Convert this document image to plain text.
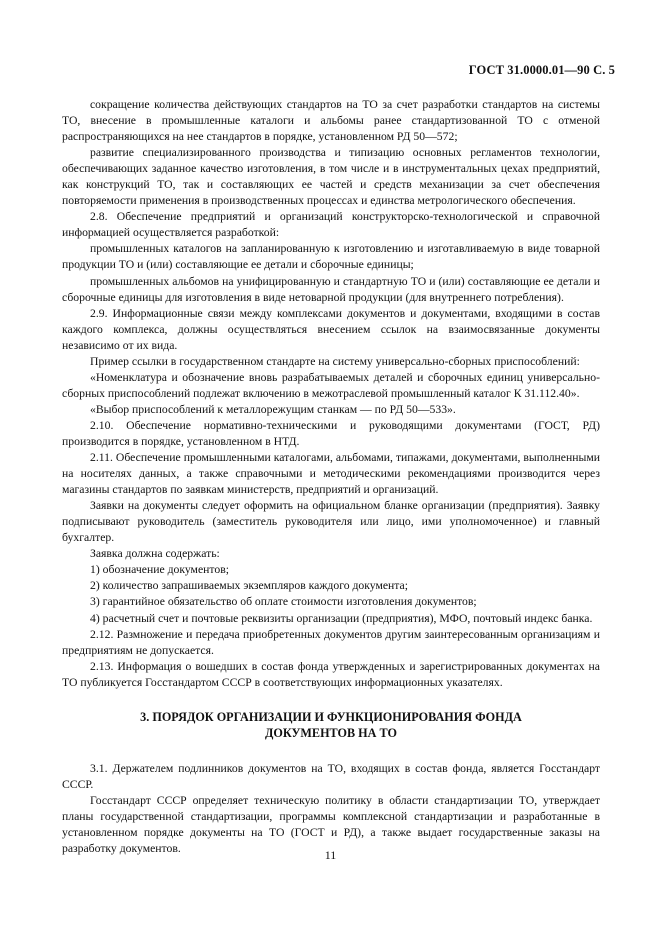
ГОСТ 31.0000.01—90 С. 5

сокращение количества действующих стандартов на ТО за счет разработки стандартов на системы ТО, внесение в промышленные каталоги и альбомы ранее стандартизованной ТО с отменой распространяющихся на нее стандартов в порядке, установленном РД 50—572;

развитие специализированного производства и типизацию основных регламентов технологии, обеспечивающих заданное качество изготовления, в том числе и в инструментальных цехах предприятий, как конструкций ТО, так и составляющих ее частей и средств механизации за счет обеспечения повторяемости применения в производственных процессах и единства метрологического обеспечения.

2.8. Обеспечение предприятий и организаций конструкторско-технологической и справочной информацией осуществляется разработкой:

промышленных каталогов на запланированную к изготовлению и изготавливаемую в виде товарной продукции ТО и (или) составляющие ее детали и сборочные единицы;

промышленных альбомов на унифицированную и стандартную ТО и (или) составляющие ее детали и сборочные единицы для изготовления в виде нетоварной продукции (для внутреннего потребления).

2.9. Информационные связи между комплексами документов и документами, входящими в состав каждого комплекса, должны осуществляться внесением ссылок на взаимосвязанные документы независимо от их вида.

Пример ссылки в государственном стандарте на систему универсально-сборных приспособлений:

«Номенклатура и обозначение вновь разрабатываемых деталей и сборочных единиц универсально-сборных приспособлений подлежат включению в межотраслевой промышленный каталог К 31.112.40».

«Выбор приспособлений к металлорежущим станкам — по РД 50—533».

2.10. Обеспечение нормативно-техническими и руководящими документами (ГОСТ, РД) производится в порядке, установленном в НТД.

2.11. Обеспечение промышленными каталогами, альбомами, типажами, документами, выполненными на носителях данных, а также справочными и методическими рекомендациями производится через магазины стандартов по заявкам министерств, предприятий и организаций.

Заявки на документы следует оформить на официальном бланке организации (предприятия). Заявку подписывают руководитель (заместитель руководителя или лицо, ими уполномоченное) и главный бухгалтер.

Заявка должна содержать:

1) обозначение документов;

2) количество запрашиваемых экземпляров каждого документа;

3) гарантийное обязательство об оплате стоимости изготовления документов;

4) расчетный счет и почтовые реквизиты организации (предприятия), МФО, почтовый индекс банка.

2.12. Размножение и передача приобретенных документов другим заинтересованным организациям и предприятиям не допускается.

2.13. Информация о вошедших в состав фонда утвержденных и зарегистрированных документах на ТО публикуется Госстандартом СССР в соответствующих информационных указателях.

3. ПОРЯДОК ОРГАНИЗАЦИИ И ФУНКЦИОНИРОВАНИЯ ФОНДА
ДОКУМЕНТОВ НА ТО

3.1. Держателем подлинников документов на ТО, входящих в состав фонда, является Госстандарт СССР.

Госстандарт СССР определяет техническую политику в области стандартизации ТО, утверждает планы государственной стандартизации, программы комплексной стандартизации и разработанные в установленном порядке документы на ТО (ГОСТ и РД), а также выдает государственные заказы на разработку документов.	11
